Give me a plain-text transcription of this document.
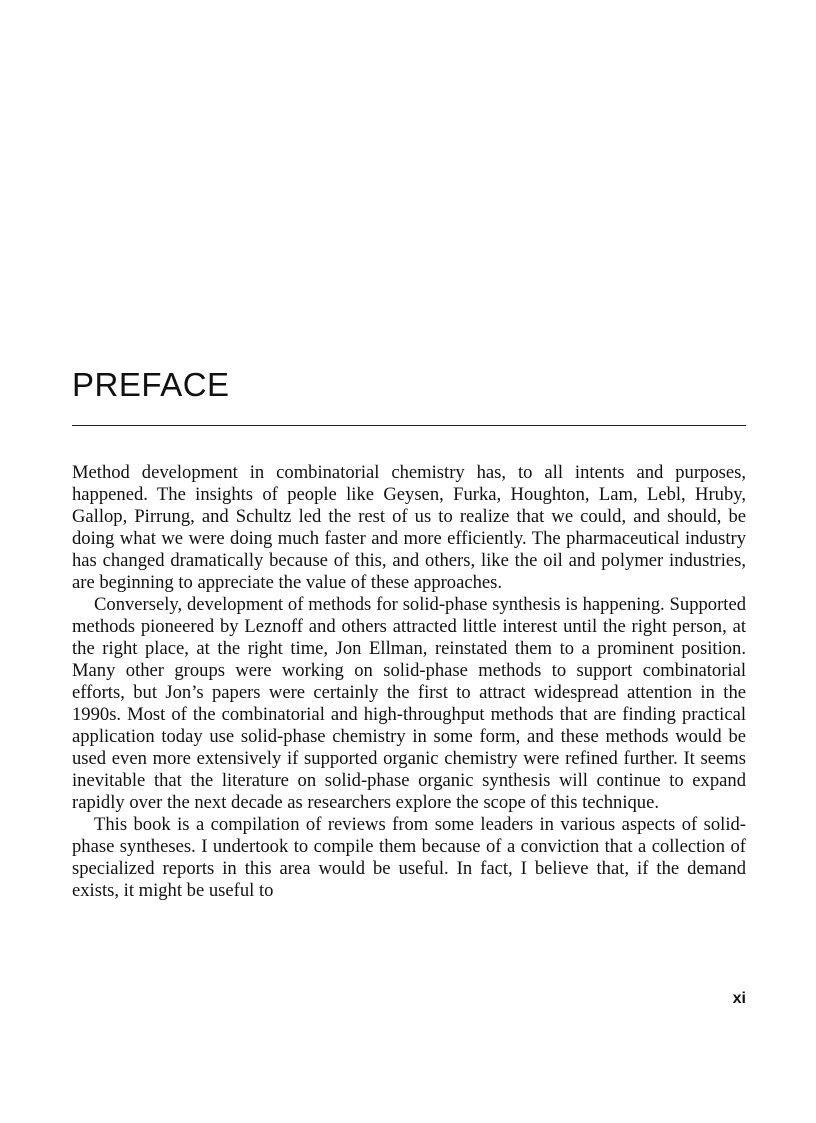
PREFACE

Method development in combinatorial chemistry has, to all intents and purposes, happened. The insights of people like Geysen, Furka, Houghton, Lam, Lebl, Hruby, Gallop, Pirrung, and Schultz led the rest of us to realize that we could, and should, be doing what we were doing much faster and more efficiently. The pharmaceutical industry has changed dramatically because of this, and others, like the oil and polymer industries, are beginning to appreciate the value of these approaches.

Conversely, development of methods for solid-phase synthesis is happening. Supported methods pioneered by Leznoff and others attracted little interest until the right person, at the right place, at the right time, Jon Ellman, reinstated them to a prominent position. Many other groups were working on solid-phase methods to support combinatorial efforts, but Jon’s papers were certainly the first to attract widespread attention in the 1990s. Most of the combinatorial and high-throughput methods that are finding practical application today use solid-phase chemistry in some form, and these methods would be used even more extensively if supported organic chemistry were refined further. It seems inevitable that the literature on solid-phase organic synthesis will continue to expand rapidly over the next decade as researchers explore the scope of this technique.

This book is a compilation of reviews from some leaders in various aspects of solid-phase syntheses. I undertook to compile them because of a conviction that a collection of specialized reports in this area would be useful. In fact, I believe that, if the demand exists, it might be useful to

xi
